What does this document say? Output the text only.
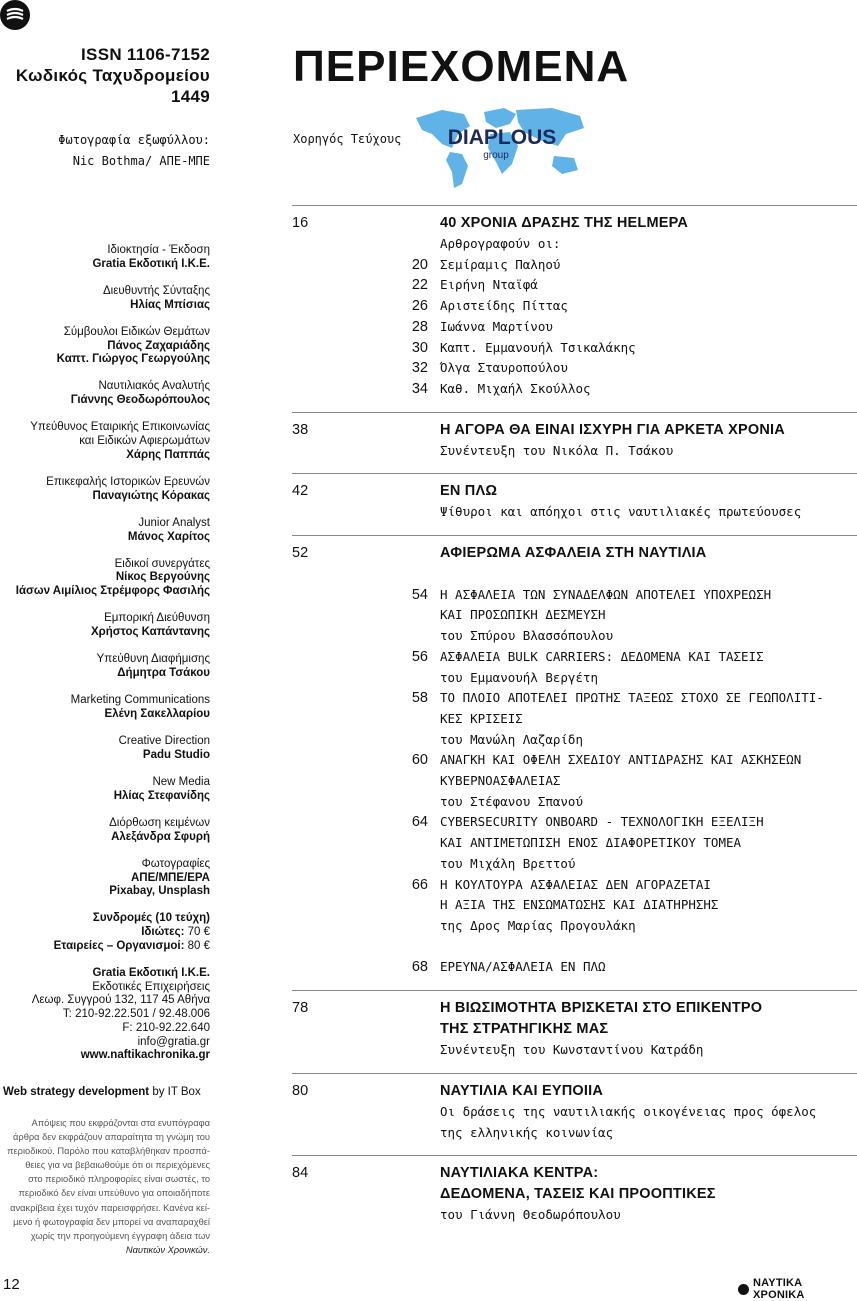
ISSN 1106-7152
Κωδικός Ταχυδρομείου
1449
Φωτογραφία εξωφύλλου:
Nic Bothma/ ΑΠΕ-ΜΠΕ
ΠΕΡΙΕΧΟΜΕΝΑ
Χορηγός Τεύχους DIAPLOUS
group
Ιδιοκτησία - Έκδοση
Gratia Εκδοτική Ι.Κ.Ε.
Διευθυντής Σύνταξης
Ηλίας Μπίσιας
Σύμβουλοι Ειδικών Θεμάτων
Πάνος Ζαχαριάδης
Καπτ. Γιώργος Γεωργούλης
Ναυτιλιακός Αναλυτής
Γιάννης Θεοδωρόπουλος
Υπεύθυνος Εταιρικής Επικοινωνίας
και Ειδικών Αφιερωμάτων
Χάρης Παππάς
Επικεφαλής Ιστορικών Ερευνών
Παναγιώτης Κόρακας
Junior Analyst
Μάνος Χαρίτος
Ειδικοί συνεργάτες
Νίκος Βεργούνης
Ιάσων Αιμίλιος Στρέμφορς Φασιλής
Εμπορική Διεύθυνση
Χρήστος Καπάντανης
Υπεύθυνη Διαφήμισης
Δήμητρα Τσάκου
Marketing Communications
Ελένη Σακελλαρίου
Creative Direction
Padu Studio
New Media
Ηλίας Στεφανίδης
Διόρθωση κειμένων
Αλεξάνδρα Σφυρή
Φωτογραφίες
ΑΠΕ/ΜΠΕ/ΕΡΑ
Pixabay, Unsplash
Συνδρομές (10 τεύχη)
Ιδιώτες: 70 €
Εταιρείες – Οργανισμοί: 80 €
Gratia Εκδοτική Ι.Κ.Ε.
Εκδοτικές Επιχειρήσεις
Λεωφ. Συγγρού 132, 117 45 Αθήνα
Τ: 210-92.22.501 / 92.48.006
F: 210-92.22.640
info@gratia.gr
www.naftikachronika.gr
Web strategy development by IT Box
Απόψεις που εκφράζονται στα ενυπόγραφα
άρθρα δεν εκφράζουν απαραίτητα τη γνώμη του
περιοδικού. Παρόλο που καταβλήθηκαν προσπά-
θειες για να βεβαιωθούμε ότι οι περιεχόμενες
στο περιοδικό πληροφορίες είναι σωστές, το
περιοδικό δεν είναι υπεύθυνο για οποιαδήποτε
ανακρίβεια έχει τυχόν παρεισφρήσει. Κανένα κεί-
μενο ή φωτογραφία δεν μπορεί να αναπαραχθεί
χωρίς την προηγούμενη έγγραφη άδεια των
Ναυτικών Χρονικών.
16	40 ΧΡΟΝΙΑ ΔΡΑΣΗΣ ΤΗΣ HELMEPA
Αρθρογραφούν οι:
20 Σεμίραμις Παληού
22 Ειρήνη Νταϊφά
26 Αριστείδης Πίττας
28 Ιωάννα Μαρτίνου
30 Καπτ. Εμμανουήλ Τσικαλάκης
32 Όλγα Σταυροπούλου
34 Καθ. Μιχαήλ Σκούλλος
38	Η ΑΓΟΡΑ ΘΑ ΕΙΝΑΙ ΙΣΧΥΡΗ ΓΙΑ ΑΡΚΕΤΑ ΧΡΟΝΙΑ
Συνέντευξη του Νικόλα Π. Τσάκου
42	ΕΝ ΠΛΩ
Ψίθυροι και απόηχοι στις ναυτιλιακές πρωτεύουσες
52	ΑΦΙΕΡΩΜΑ ΑΣΦΑΛΕΙΑ ΣΤΗ ΝΑΥΤΙΛΙΑ

54 Η ΑΣΦΑΛΕΙΑ ΤΩΝ ΣΥΝΑΔΕΛΦΩΝ ΑΠΟΤΕΛΕΙ ΥΠΟΧΡΕΩΣΗ
ΚΑΙ ΠΡΟΣΩΠΙΚΗ ΔΕΣΜΕΥΣΗ
του Σπύρου Βλασσόπουλου
56 ΑΣΦΑΛΕΙΑ BULK CARRIERS: ΔΕΔΟΜΕΝΑ ΚΑΙ ΤΑΣΕΙΣ
του Εμμανουήλ Βεργέτη
58 ΤΟ ΠΛΟΙΟ ΑΠΟΤΕΛΕΙ ΠΡΩΤΗΣ ΤΑΞΕΩΣ ΣΤΟΧΟ ΣΕ ΓΕΩΠΟΛΙΤΙ-
ΚΕΣ ΚΡΙΣΕΙΣ
του Μανώλη Λαζαρίδη
60 ΑΝΑΓΚΗ ΚΑΙ ΟΦΕΛΗ ΣΧΕΔΙΟΥ ΑΝΤΙΔΡΑΣΗΣ ΚΑΙ ΑΣΚΗΣΕΩΝ
ΚΥΒΕΡΝΟΑΣΦΑΛΕΙΑΣ
του Στέφανου Σπανού
64 CYBERSECURITY ONBOARD - ΤΕΧΝΟΛΟΓΙΚΗ ΕΞΕΛΙΞΗ
ΚΑΙ ΑΝΤΙΜΕΤΩΠΙΣΗ ΕΝΟΣ ΔΙΑΦΟΡΕΤΙΚΟΥ ΤΟΜΕΑ
του Μιχάλη Βρεττού
66 Η ΚΟΥΛΤΟΥΡΑ ΑΣΦΑΛΕΙΑΣ ΔΕΝ ΑΓΟΡΑΖΕΤΑΙ
Η ΑΞΙΑ ΤΗΣ ΕΝΣΩΜΑΤΩΣΗΣ ΚΑΙ ΔΙΑΤΗΡΗΣΗΣ
της Δρος Μαρίας Προγουλάκη

68 ΕΡΕΥΝΑ/ΑΣΦΑΛΕΙΑ ΕΝ ΠΛΩ
78	Η ΒΙΩΣΙΜΟΤΗΤΑ ΒΡΙΣΚΕΤΑΙ ΣΤΟ ΕΠΙΚΕΝΤΡΟ
ΤΗΣ ΣΤΡΑΤΗΓΙΚΗΣ ΜΑΣ
Συνέντευξη του Κωνσταντίνου Κατράδη
80	ΝΑΥΤΙΛΙΑ ΚΑΙ ΕΥΠΟΙΙΑ
Οι δράσεις της ναυτιλιακής οικογένειας προς όφελος
της ελληνικής κοινωνίας
84	ΝΑΥΤΙΛΙΑΚΑ ΚΕΝΤΡΑ:
ΔΕΔΟΜΕΝΑ, ΤΑΣΕΙΣ ΚΑΙ ΠΡΟΟΠΤΙΚΕΣ
του Γιάννη Θεοδωρόπουλου
12	ΝΑΥΤΙΚΑ ΧΡΟΝΙΚΑ
